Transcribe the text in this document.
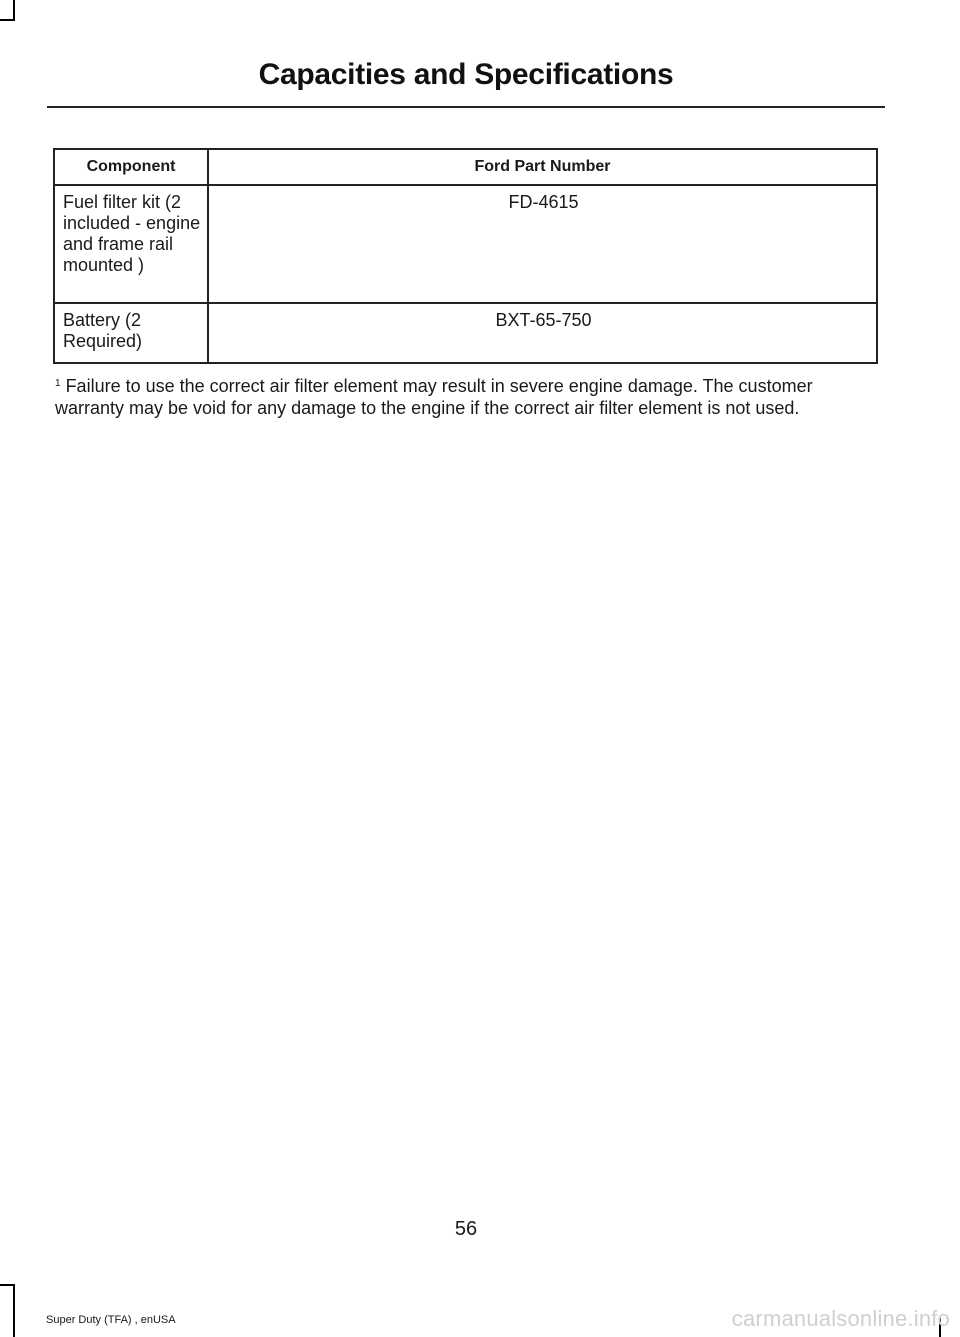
Capacities and Specifications
Component	Ford Part Number
Fuel filter kit (2 included - engine and frame rail mounted )	FD-4615
Battery (2 Required)	BXT-65-750
$^1$ Failure to use the correct air filter element may result in severe engine damage. The customer warranty may be void for any damage to the engine if the correct air filter element is not used.
56
Super Duty (TFA) , enUSA	carmanualsonline.info
